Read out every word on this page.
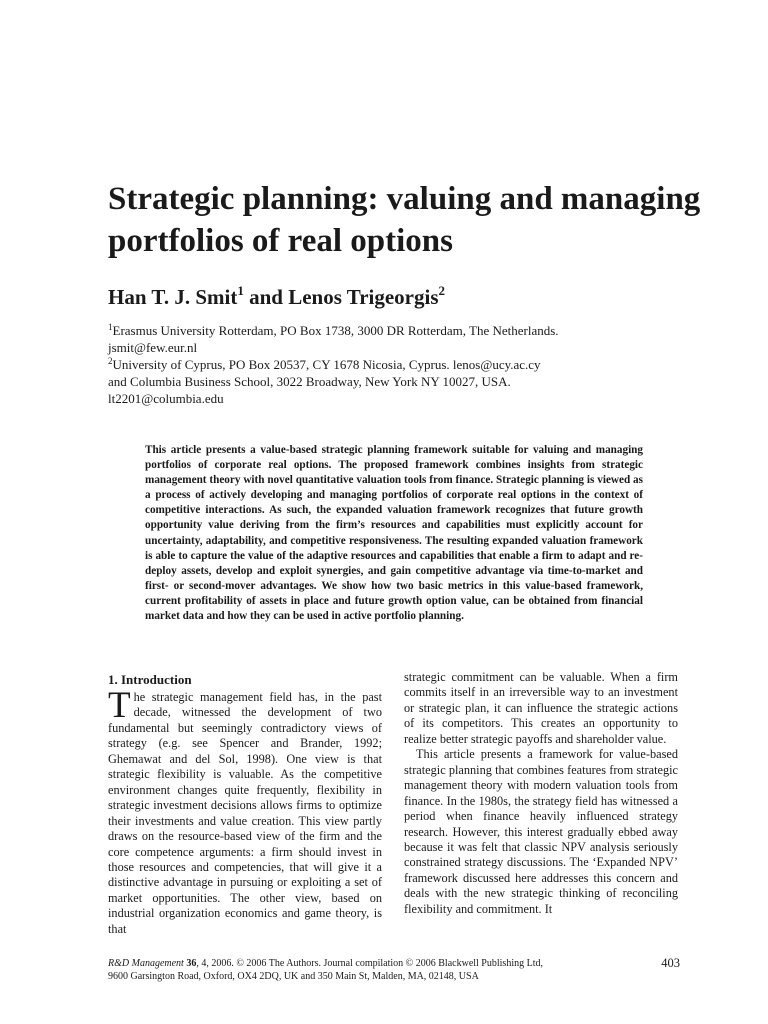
Strategic planning: valuing and managing portfolios of real options
Han T. J. Smit$^1$ and Lenos Trigeorgis$^2$
$^1$Erasmus University Rotterdam, PO Box 1738, 3000 DR Rotterdam, The Netherlands.
jsmit@few.eur.nl
$^2$University of Cyprus, PO Box 20537, CY 1678 Nicosia, Cyprus. lenos@ucy.ac.cy
and Columbia Business School, 3022 Broadway, New York NY 10027, USA.
lt2201@columbia.edu

This article presents a value-based strategic planning framework suitable for valuing and managing portfolios of corporate real options. The proposed framework combines insights from strategic management theory with novel quantitative valuation tools from finance. Strategic planning is viewed as a process of actively developing and managing portfolios of corporate real options in the context of competitive interactions. As such, the expanded valuation framework recognizes that future growth opportunity value deriving from the firm’s resources and capabilities must explicitly account for uncertainty, adaptability, and competitive responsiveness. The resulting expanded valuation framework is able to capture the value of the adaptive resources and capabilities that enable a firm to adapt and re-deploy assets, develop and exploit synergies, and gain competitive advantage via time-to-market and first- or second-mover advantages. We show how two basic metrics in this value-based framework, current profitability of assets in place and future growth option value, can be obtained from financial market data and how they can be used in active portfolio planning.

1. Introduction

The strategic management field has, in the past decade, witnessed the development of two fundamental but seemingly contradictory views of strategy (e.g. see Spencer and Brander, 1992; Ghemawat and del Sol, 1998). One view is that strategic flexibility is valuable. As the competitive environment changes quite frequently, flexibility in strategic investment decisions allows firms to optimize their investments and value creation. This view partly draws on the resource-based view of the firm and the core competence arguments: a firm should invest in those resources and competencies, that will give it a distinctive advantage in pursuing or exploiting a set of market opportunities. The other view, based on industrial organization economics and game theory, is that

strategic commitment can be valuable. When a firm commits itself in an irreversible way to an investment or strategic plan, it can influence the strategic actions of its competitors. This creates an opportunity to realize better strategic payoffs and shareholder value.

This article presents a framework for value-based strategic planning that combines features from strategic management theory with modern valuation tools from finance. In the 1980s, the strategy field has witnessed a period when finance heavily influenced strategy research. However, this interest gradually ebbed away because it was felt that classic NPV analysis seriously constrained strategy discussions. The ‘Expanded NPV’ framework discussed here addresses this concern and deals with the new strategic thinking of reconciling flexibility and commitment. It

R&D Management 36, 4, 2006. © 2006 The Authors. Journal compilation © 2006 Blackwell Publishing Ltd,
9600 Garsington Road, Oxford, OX4 2DQ, UK and 350 Main St, Malden, MA, 02148, USA
403
